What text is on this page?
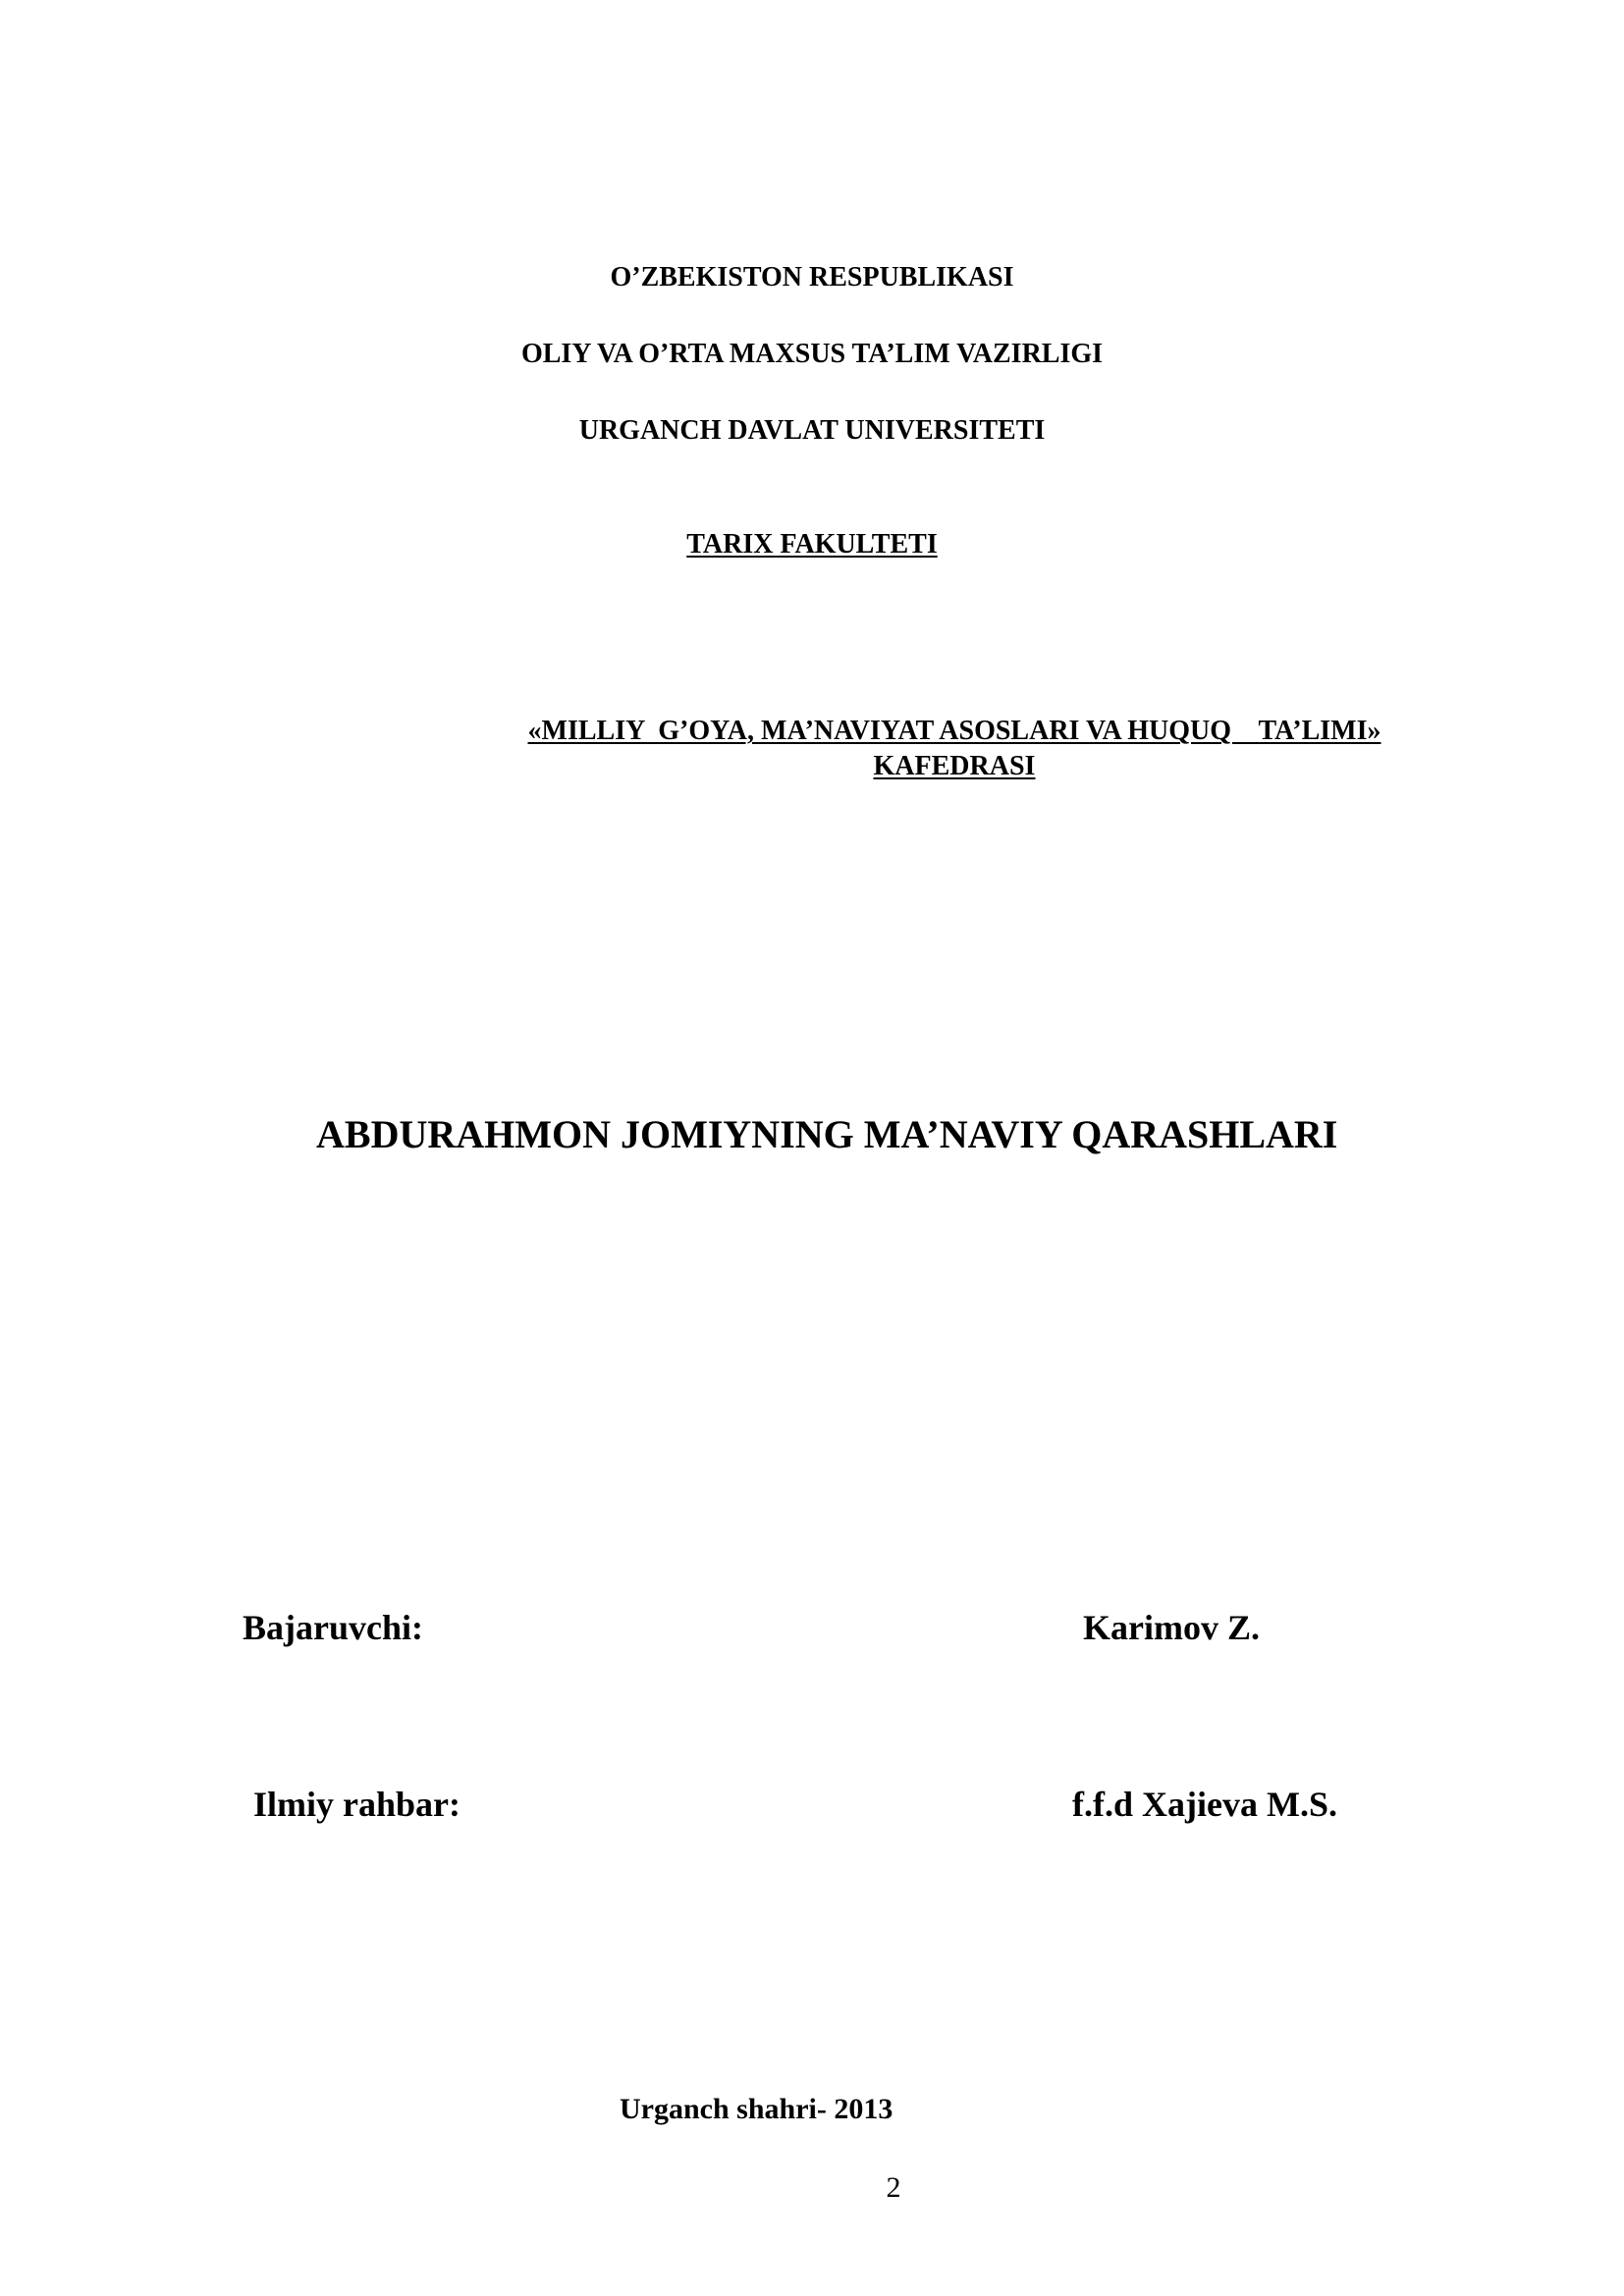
O’ZBEKISTON RESPUBLIKASI
OLIY VA O’RTA MAXSUS TA’LIM VAZIRLIGI
URGANCH DAVLAT UNIVERSITETI
TARIX FAKULTETI
«MILLIY  G’OYA, MA’NAVIYAT ASOSLARI VA HUQUQ    TA’LIMI»
KAFEDRASI
ABDURAHMON JOMIYNING MA’NAVIY QARASHLARI
Bajaruvchi:	Karimov Z.
Ilmiy rahbar:	f.f.d Xajieva M.S.
Urganch shahri- 2013
2
